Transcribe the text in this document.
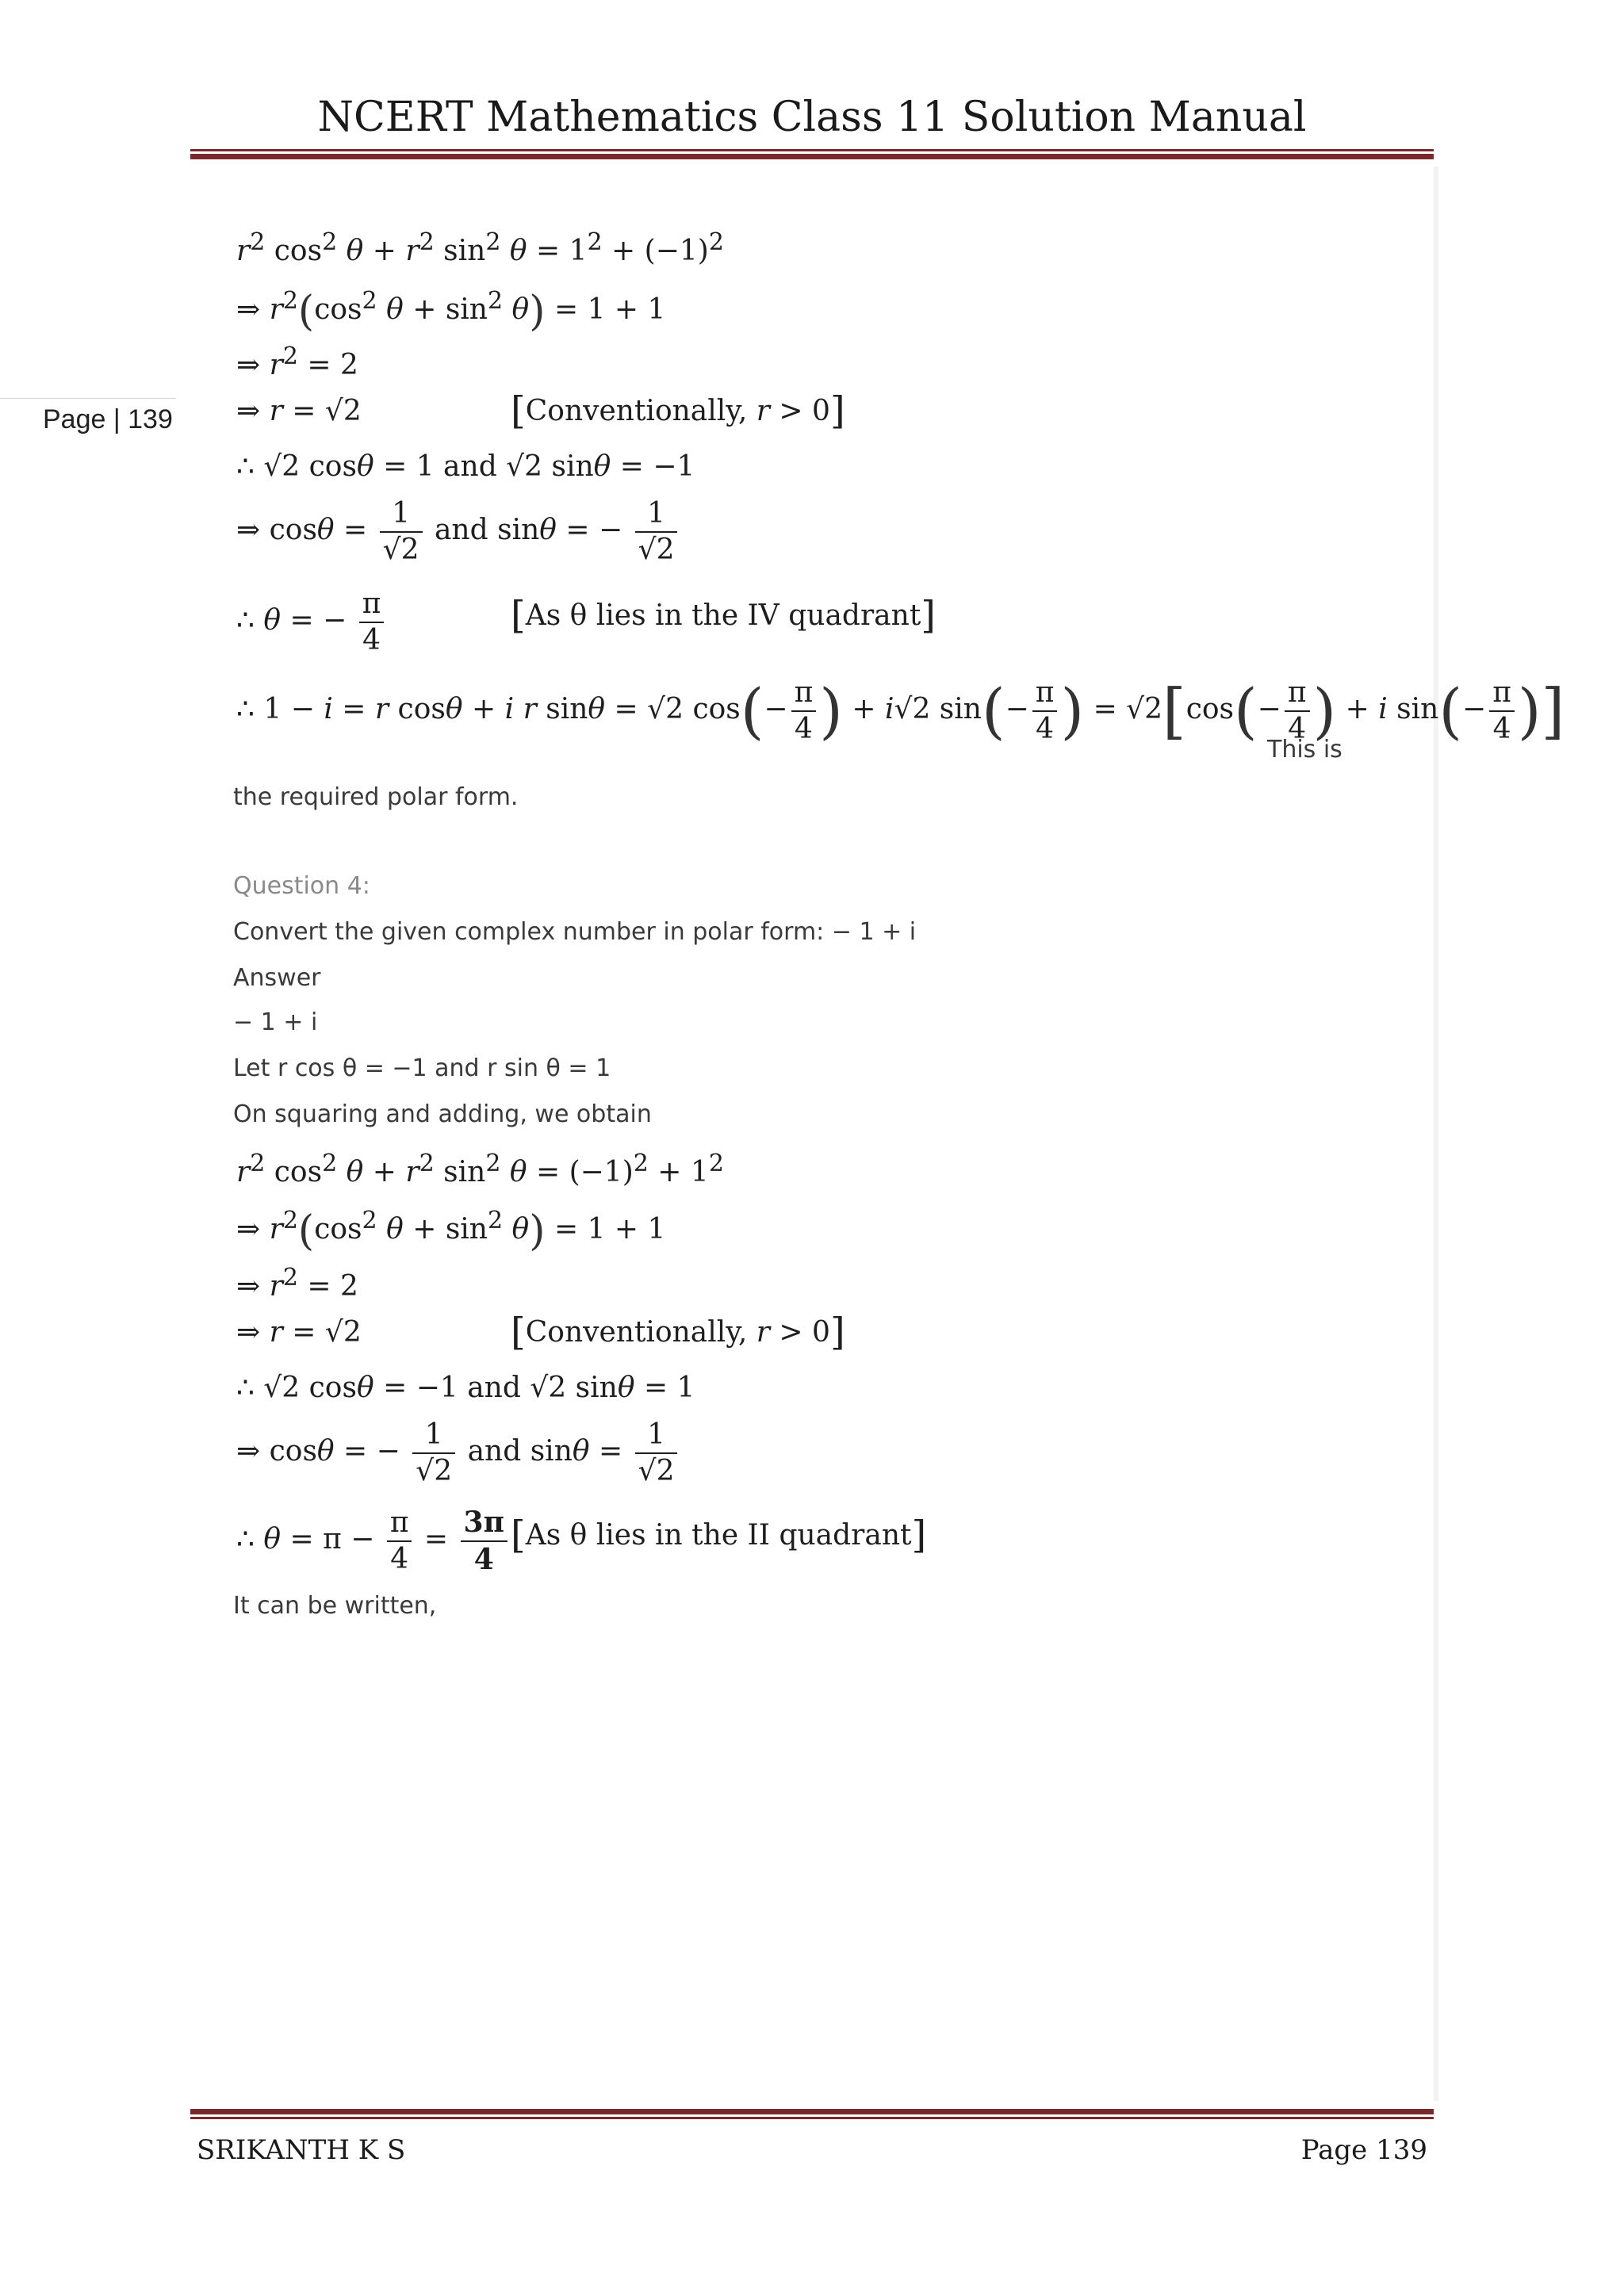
NCERT Mathematics Class 11 Solution Manual
Page | 139
$r^2$ $\cos^2 \theta + r^2$ $\sin^2 \theta = 1^2 + (-1)^2$
⇒ $r^2(\cos^2$ $\theta + \sin^2 \theta) = 1 + 1$
⇒ $r^2 = 2$
⇒ r = √2	[Conventionally, r > 0]
∴ √2 cosθ = 1 and √2 sinθ = −1
⇒ $\cos\theta = \frac{1}{√2}$ and sinθ = − $\frac{1}{√2}$
∴ θ = − $\frac{\pi}{4}$	[As θ lies in the IV quadrant]
∴ 1 − i = r cosθ + i r sinθ = √2 $\cos(- \frac{\pi}{4}$ ) + i√2 $\sin(- \frac{\pi}{4}$ ) = $√2[\cos(- \frac{\pi}{4}$ ) + i $\sin(- \frac{\pi}{4}$ )]
This is
the required polar form.
Question 4:
Convert the given complex number in polar form: − 1 + i
Answer
− 1 + i
Let r cos θ = −1 and r sin θ = 1
On squaring and adding, we obtain
$r^2$ $\cos^2 \theta + r^2$ $\sin^2 \theta = (-1)^2 + 1^2$
⇒ $r^2(\cos^2$ $\theta + \sin^2 \theta) = 1 + 1$
⇒ $r^2 = 2$
⇒ r = √2	[Conventionally, r > 0]
∴ √2 cosθ = −1 and √2 sinθ = 1
⇒ cosθ = − $\frac{1}{√2}$ and $\sin\theta = \frac{1}{√2}$
∴ $\theta = \pi - \frac{\pi}{4} = \frac{3\pi}{4} [As$ θ lies in the II quadrant]
It can be written,
SRIKANTH K S	Page 139
